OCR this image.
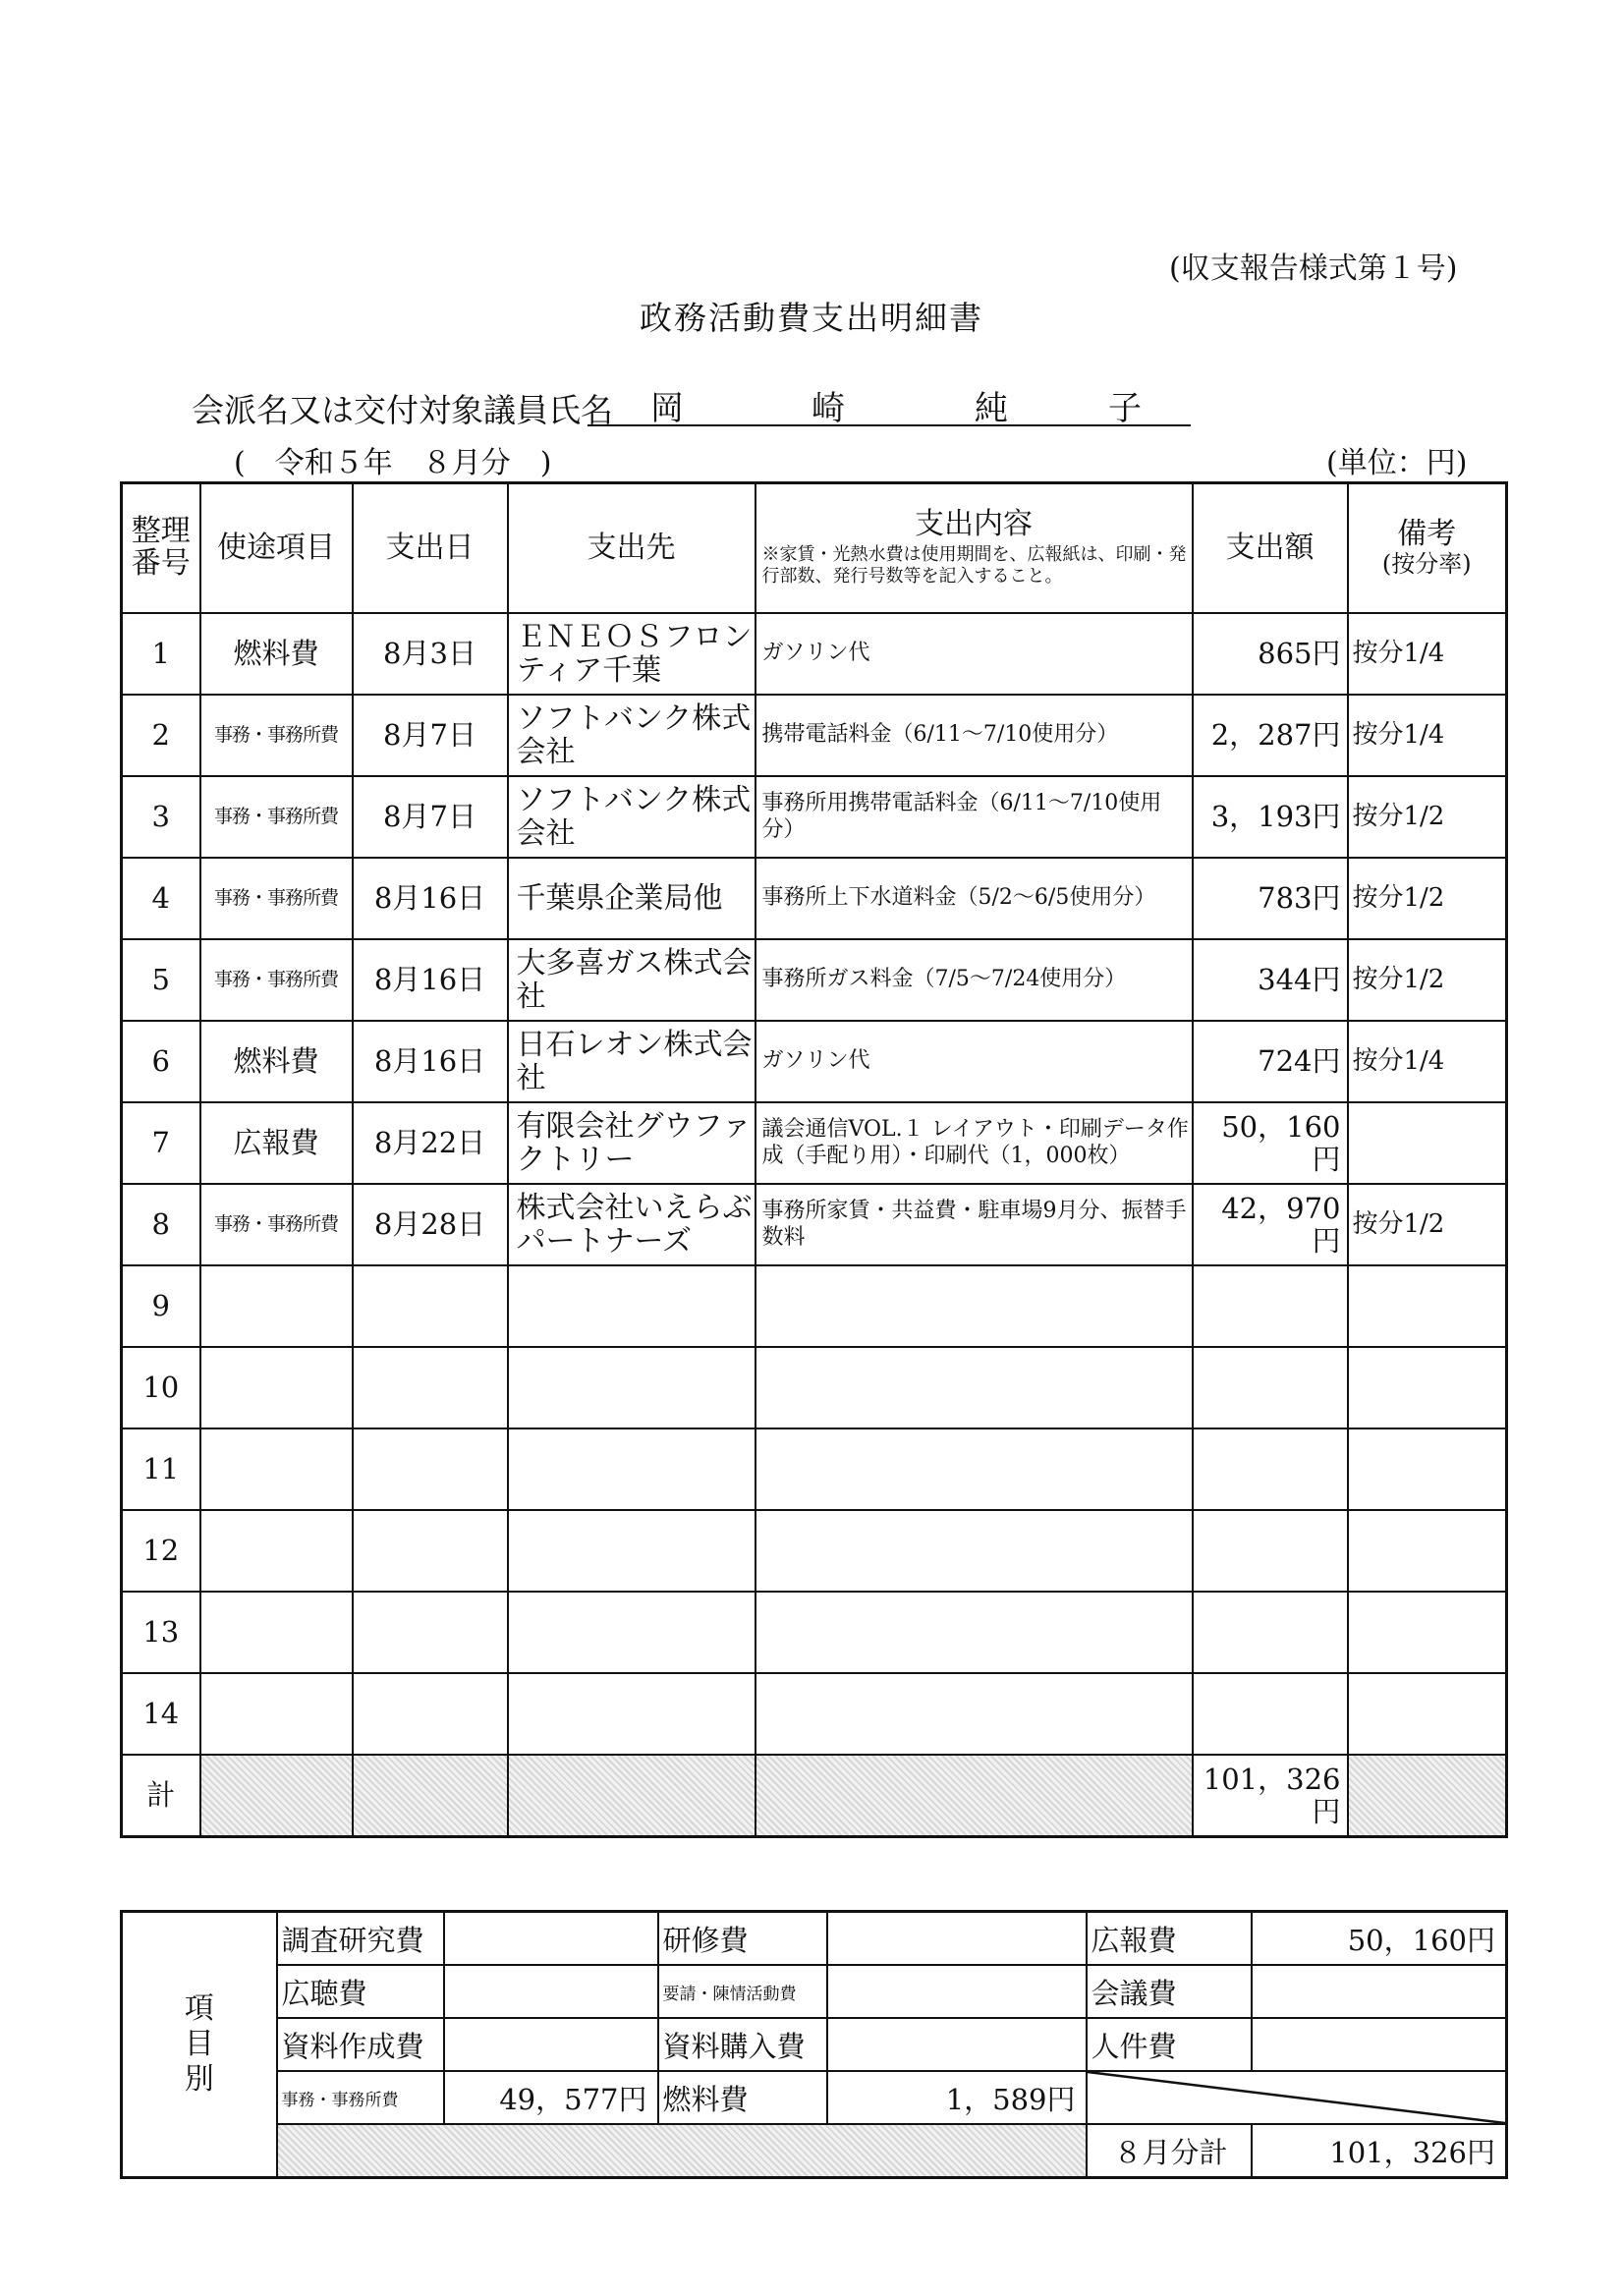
(収支報告様式第１号)
政務活動費支出明細書
会派名又は交付対象議員氏名 岡	崎	純	子
(　令和５年　８月分　)	(単位：円)
整理番号	使途項目	支出日	支出先	支出内容
※家賃・光熱水費は使用期間を、広報紙は、印刷・発行部数、発行号数等を記入すること。	支出額	備考
(按分率)

1	燃料費	8月3日	ＥＮＥＯＳフロンティア千葉	ガソリン代	865円	按分1/4
2	事務・事務所費	8月7日	ソフトバンク株式会社	携帯電話料金（6/11～7/10使用分）	2，287円	按分1/4
3	事務・事務所費	8月7日	ソフトバンク株式会社	事務所用携帯電話料金（6/11～7/10使用分）	3，193円	按分1/2
4	事務・事務所費	8月16日	千葉県企業局他	事務所上下水道料金（5/2～6/5使用分）	783円	按分1/2
5	事務・事務所費	8月16日	大多喜ガス株式会社	事務所ガス料金（7/5～7/24使用分）	344円	按分1/2
6	燃料費	8月16日	日石レオン株式会社	ガソリン代	724円	按分1/4
7	広報費	8月22日	有限会社グウファクトリー	議会通信VOL.１ レイアウト・印刷データ作成（手配り用）・印刷代（1，000枚）	50，160円	
8	事務・事務所費	8月28日	株式会社いえらぶパートナーズ	事務所家賃・共益費・駐車場9月分、振替手数料	42，970円	按分1/2
9						
10						
11						
12						
13						
14						
計					101，326円	
項
目
別	調査研究費		研修費		広報費	50，160円
	広聴費		要請・陳情活動費		会議費	
	資料作成費		資料購入費		人件費	
	事務・事務所費	49，577円	燃料費	1，589円		
					８月分計	101，326円
